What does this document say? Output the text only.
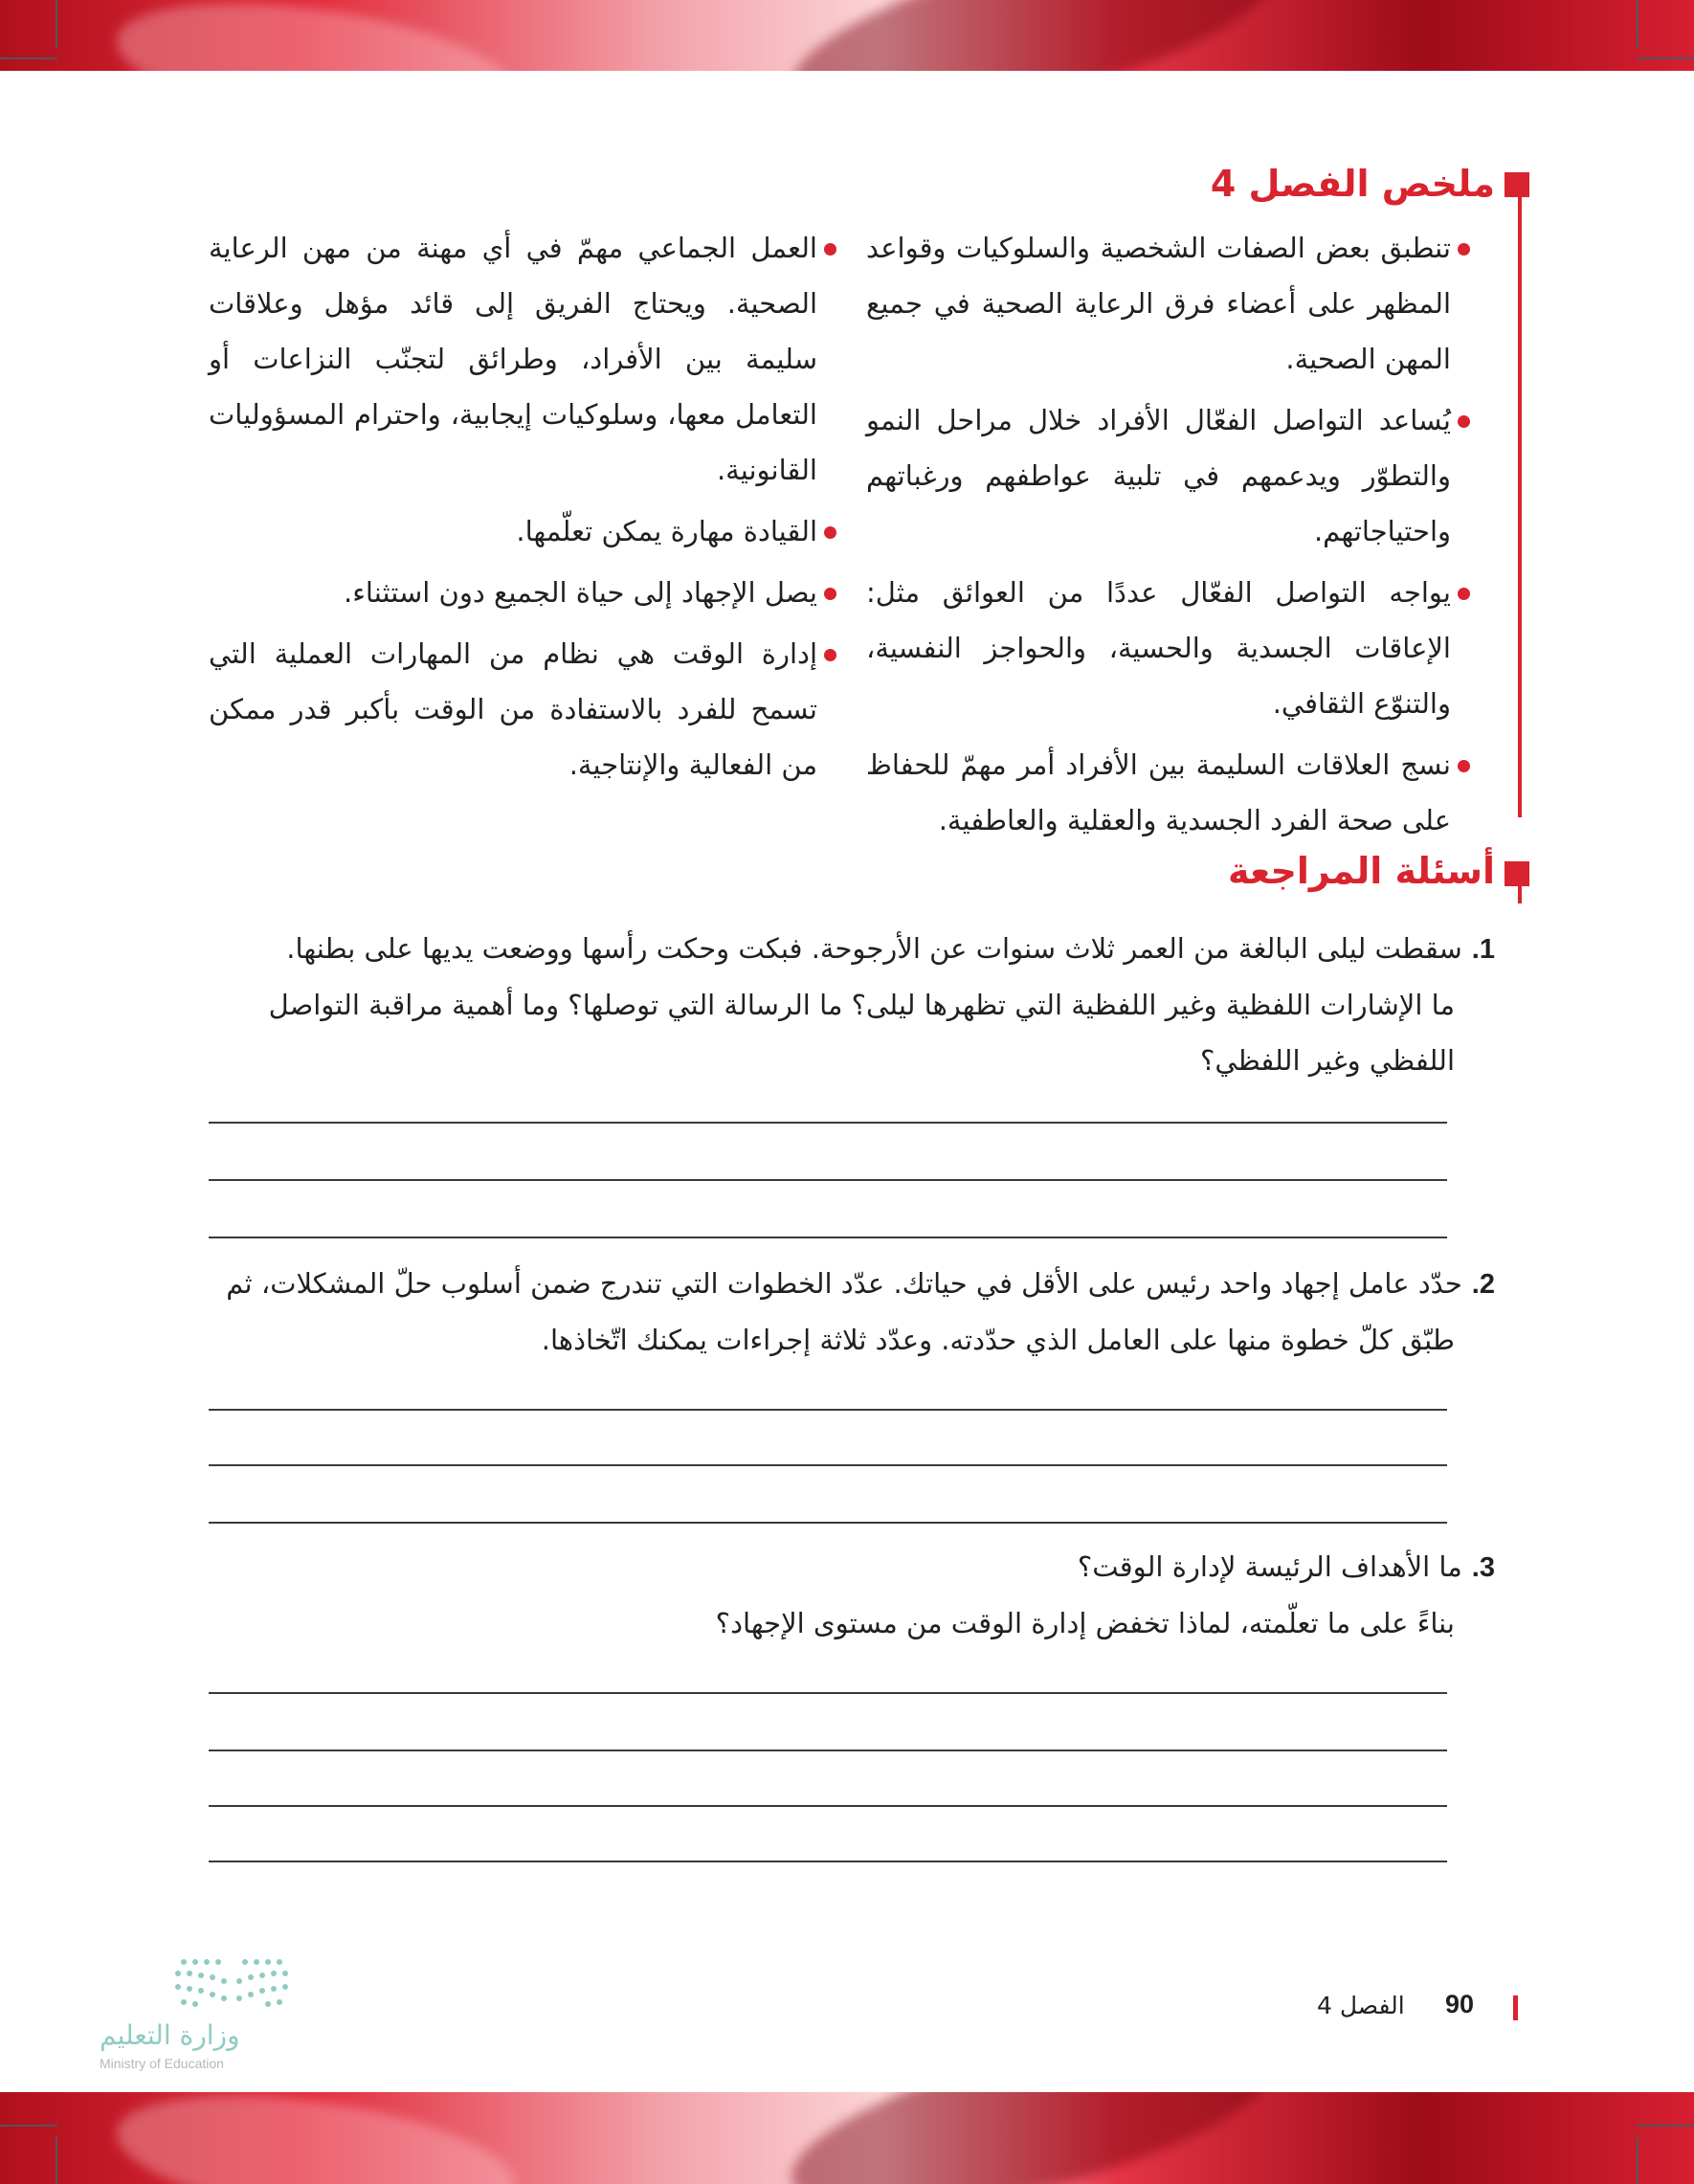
ملخص الفصل 4
تنطبق بعض الصفات الشخصية والسلوكيات وقواعد المظهر على أعضاء فرق الرعاية الصحية في جميع المهن الصحية.
يُساعد التواصل الفعّال الأفراد خلال مراحل النمو والتطوّر ويدعمهم في تلبية عواطفهم ورغباتهم واحتياجاتهم.
يواجه التواصل الفعّال عددًا من العوائق مثل: الإعاقات الجسدية والحسية، والحواجز النفسية، والتنوّع الثقافي.
نسج العلاقات السليمة بين الأفراد أمر مهمّ للحفاظ على صحة الفرد الجسدية والعقلية والعاطفية.
العمل الجماعي مهمّ في أي مهنة من مهن الرعاية الصحية. ويحتاج الفريق إلى قائد مؤهل وعلاقات سليمة بين الأفراد، وطرائق لتجنّب النزاعات أو التعامل معها، وسلوكيات إيجابية، واحترام المسؤوليات القانونية.
القيادة مهارة يمكن تعلّمها.
يصل الإجهاد إلى حياة الجميع دون استثناء.
إدارة الوقت هي نظام من المهارات العملية التي تسمح للفرد بالاستفادة من الوقت بأكبر قدر ممكن من الفعالية والإنتاجية.
أسئلة المراجعة
1.سقطت ليلى البالغة من العمر ثلاث سنوات عن الأرجوحة. فبكت وحكت رأسها ووضعت يديها على بطنها.
ما الإشارات اللفظية وغير اللفظية التي تظهرها ليلى؟ ما الرسالة التي توصلها؟ وما أهمية مراقبة التواصل
اللفظي وغير اللفظي؟
2.حدّد عامل إجهاد واحد رئيس على الأقل في حياتك. عدّد الخطوات التي تندرج ضمن أسلوب حلّ المشكلات، ثم
طبّق كلّ خطوة منها على العامل الذي حدّدته. وعدّد ثلاثة إجراءات يمكنك اتّخاذها.
3.ما الأهداف الرئيسة لإدارة الوقت؟
بناءً على ما تعلّمته، لماذا تخفض إدارة الوقت من مستوى الإجهاد؟
وزارة التعليم
Ministry of Education
90
الفصل 4
